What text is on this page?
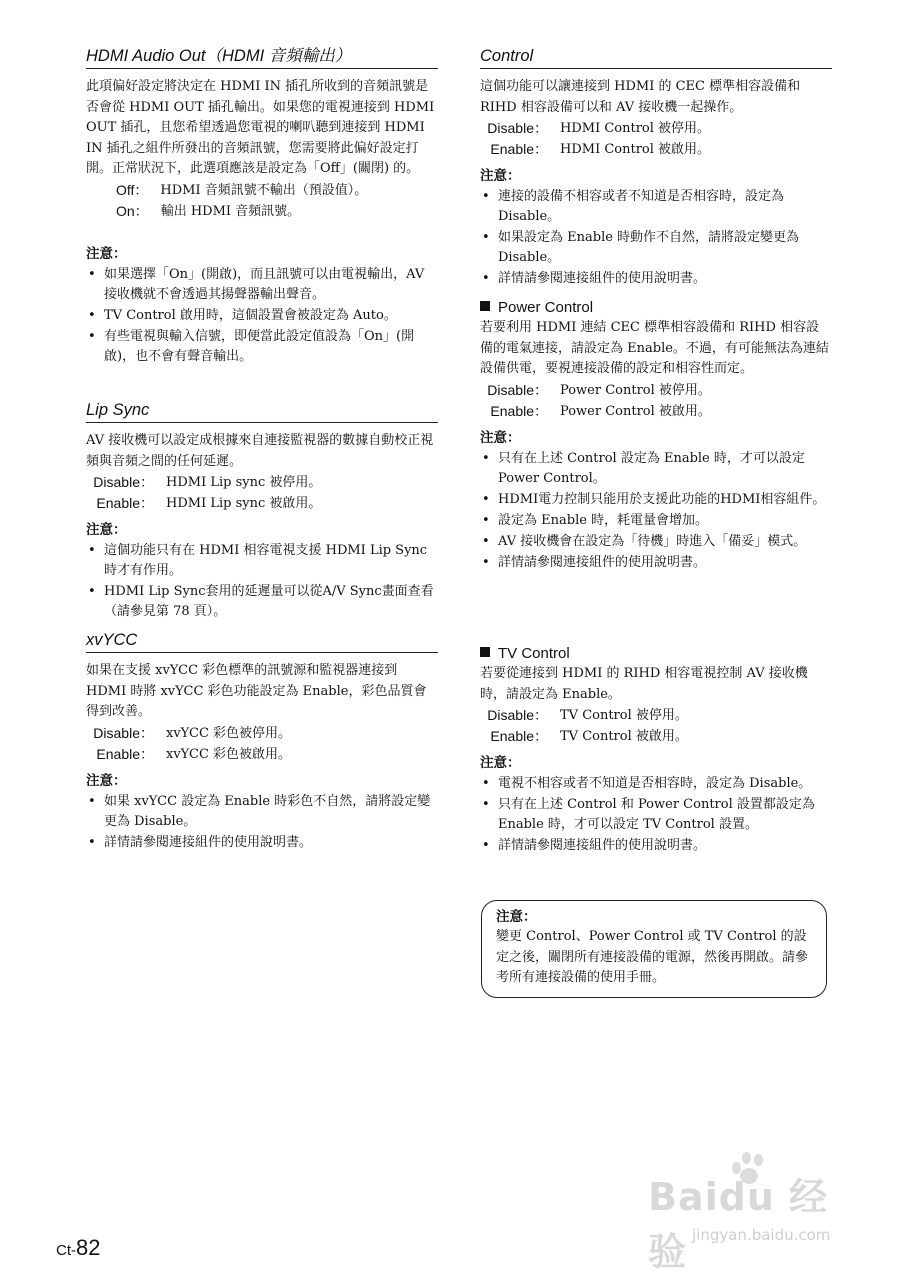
HDMI Audio Out（HDMI 音頻輸出）
此項偏好設定將決定在 HDMI IN 插孔所收到的音頻訊號是否會從 HDMI OUT 插孔輸出。如果您的電視連接到 HDMI OUT 插孔，且您希望透過您電視的喇叭聽到連接到 HDMI IN 插孔之組件所發出的音頻訊號，您需要將此偏好設定打開。正常狀況下，此選項應該是設定為「Off」(關閉) 的。
Off： HDMI 音頻訊號不輸出（預設值）。
On： 輸出 HDMI 音頻訊號。
注意：
• 如果選擇「On」(開啟)，而且訊號可以由電視輸出，AV 接收機就不會透過其揚聲器輸出聲音。
• TV Control 啟用時，這個設置會被設定為 Auto。
• 有些電視與輸入信號，即便當此設定值設為「On」(開啟)，也不會有聲音輸出。
Lip Sync
AV 接收機可以設定成根據來自連接監視器的數據自動校正視頻與音頻之間的任何延遲。
Disable： HDMI Lip sync 被停用。
Enable： HDMI Lip sync 被啟用。
注意：
• 這個功能只有在 HDMI 相容電視支援 HDMI Lip Sync 時才有作用。
• HDMI Lip Sync套用的延遲量可以從A/V Sync畫面查看（請參見第 78 頁）。
xvYCC
如果在支援 xvYCC 彩色標準的訊號源和監視器連接到 HDMI 時將 xvYCC 彩色功能設定為 Enable，彩色品質會得到改善。
Disable： xvYCC 彩色被停用。
Enable： xvYCC 彩色被啟用。
注意：
• 如果 xvYCC 設定為 Enable 時彩色不自然，請將設定變更為 Disable。
• 詳情請參閱連接組件的使用說明書。
Control
這個功能可以讓連接到 HDMI 的 CEC 標準相容設備和 RIHD 相容設備可以和 AV 接收機一起操作。
Disable： HDMI Control 被停用。
Enable： HDMI Control 被啟用。
注意：
• 連接的設備不相容或者不知道是否相容時，設定為 Disable。
• 如果設定為 Enable 時動作不自然，請將設定變更為 Disable。
• 詳情請參閱連接組件的使用說明書。
Power Control
若要利用 HDMI 連結 CEC 標準相容設備和 RIHD 相容設備的電氣連接，請設定為 Enable。不過，有可能無法為連結設備供電，要視連接設備的設定和相容性而定。
Disable： Power Control 被停用。
Enable： Power Control 被啟用。
注意：
• 只有在上述 Control 設定為 Enable 時，才可以設定 Power Control。
• HDMI電力控制只能用於支援此功能的HDMI相容組件。
• 設定為 Enable 時，耗電量會增加。
• AV 接收機會在設定為「待機」時進入「備妥」模式。
• 詳情請參閱連接組件的使用說明書。
TV Control
若要從連接到 HDMI 的 RIHD 相容電視控制 AV 接收機時，請設定為 Enable。
Disable： TV Control 被停用。
Enable： TV Control 被啟用。
注意：
• 電視不相容或者不知道是否相容時，設定為 Disable。
• 只有在上述 Control 和 Power Control 設置都設定為 Enable 時，才可以設定 TV Control 設置。
• 詳情請參閱連接組件的使用說明書。
注意：
變更 Control、Power Control 或 TV Control 的設定之後，關閉所有連接設備的電源，然後再開啟。請參考所有連接設備的使用手冊。
Ct-82
Baidu 经验 jingyan.baidu.com
